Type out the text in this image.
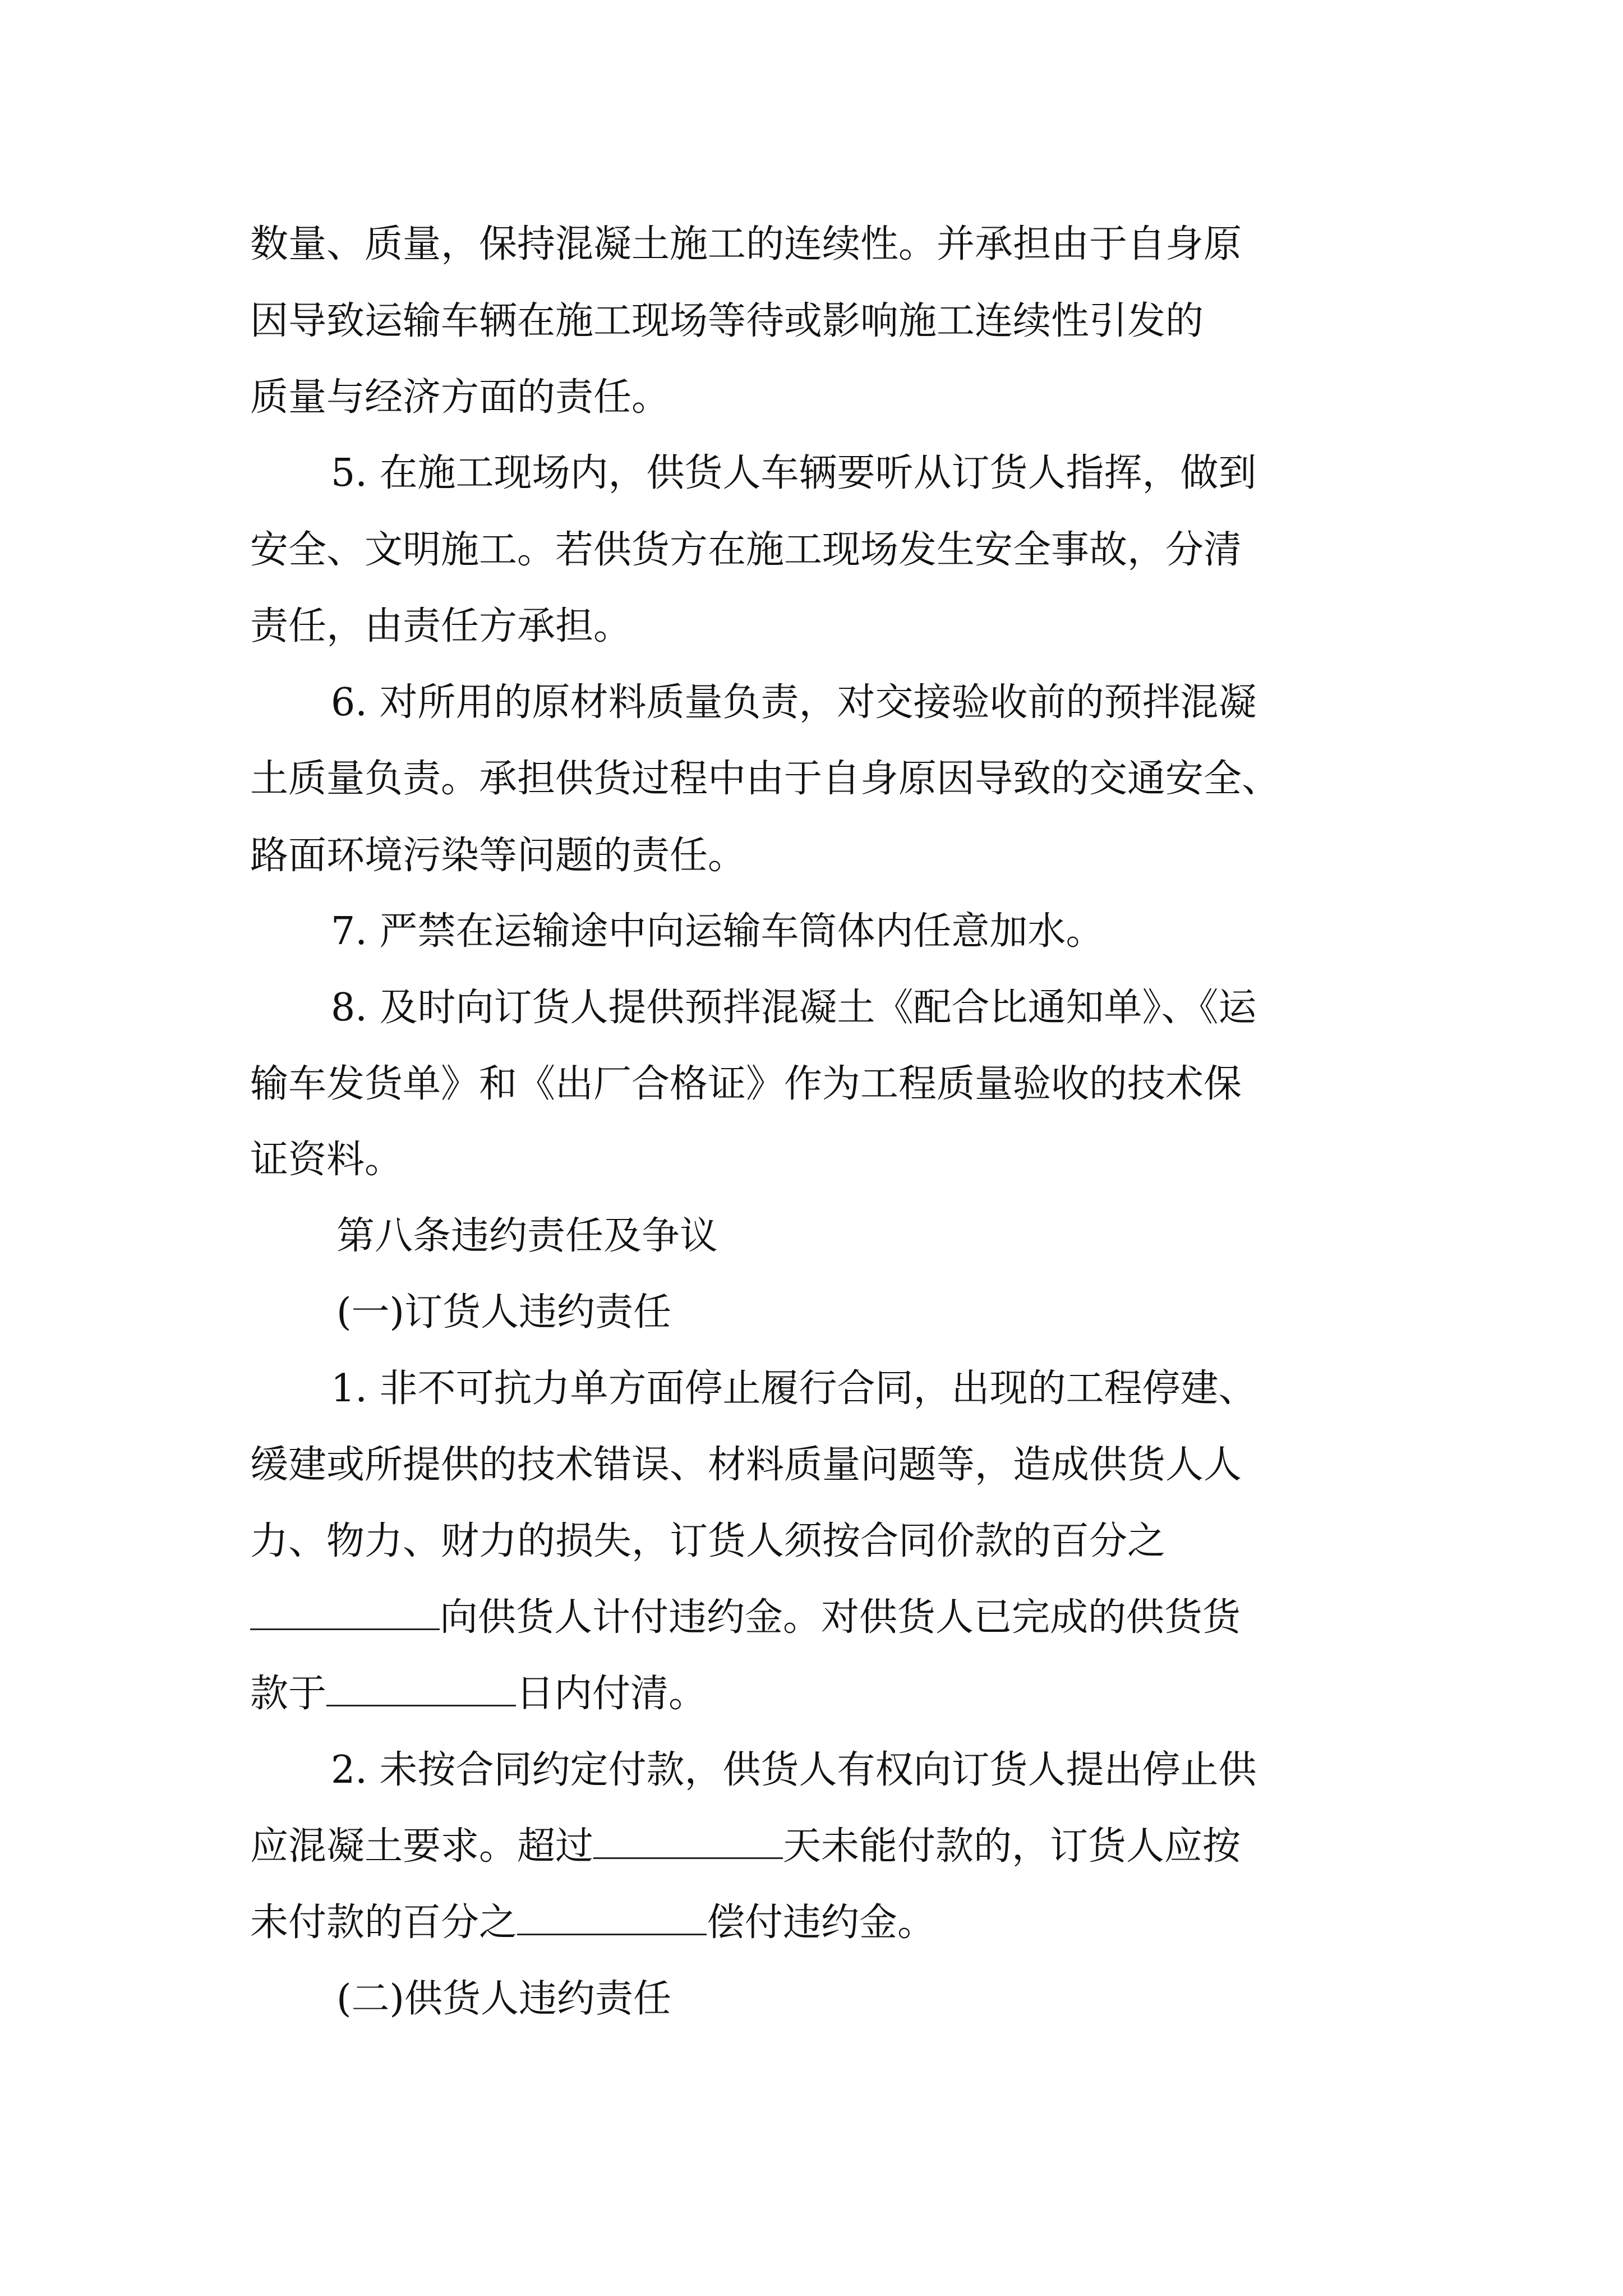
数量、质量，保持混凝土施工的连续性。并承担由于自身原

因导致运输车辆在施工现场等待或影响施工连续性引发的

质量与经济方面的责任。

5. 在施工现场内，供货人车辆要听从订货人指挥，做到

安全、文明施工。若供货方在施工现场发生安全事故，分清

责任，由责任方承担。

6. 对所用的原材料质量负责，对交接验收前的预拌混凝

土质量负责。承担供货过程中由于自身原因导致的交通安全、

路面环境污染等问题的责任。

7. 严禁在运输途中向运输车筒体内任意加水。

8. 及时向订货人提供预拌混凝土《配合比通知单》、《运

输车发货单》和《出厂合格证》作为工程质量验收的技术保

证资料。

第八条违约责任及争议

(一)订货人违约责任

1. 非不可抗力单方面停止履行合同，出现的工程停建、

缓建或所提供的技术错误、材料质量问题等，造成供货人人

力、物力、财力的损失，订货人须按合同价款的百分之

向供货人计付违约金。对供货人已完成的供货货

款于	日内付清。

2. 未按合同约定付款，供货人有权向订货人提出停止供

应混凝土要求。超过	天未能付款的，订货人应按

未付款的百分之	偿付违约金。

(二)供货人违约责任
